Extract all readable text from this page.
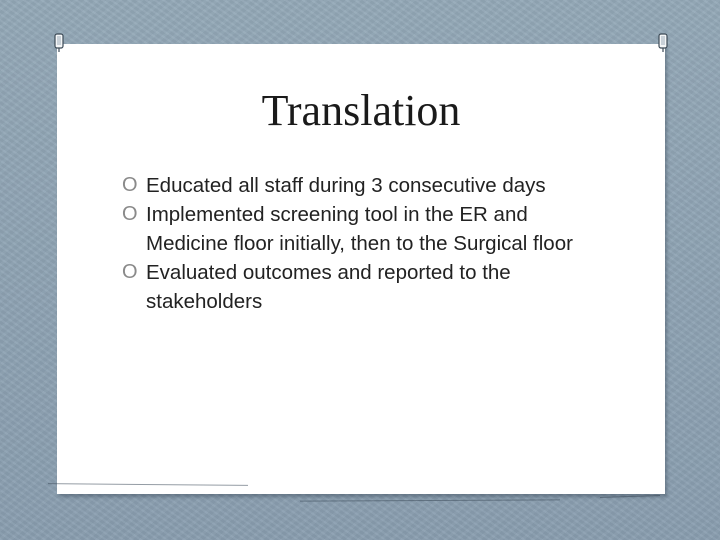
Translation
O Educated all staff during 3 consecutive days
O Implemented screening tool in the ER and Medicine floor initially, then to the Surgical floor
O Evaluated outcomes and reported to the stakeholders
